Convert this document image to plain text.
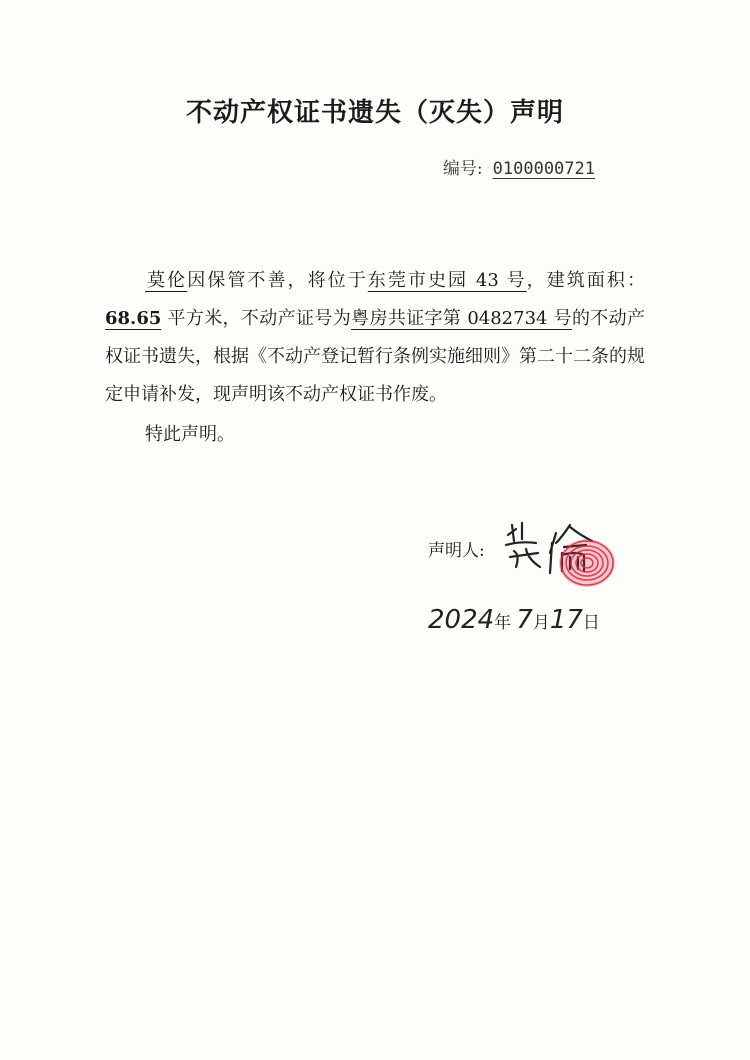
不动产权证书遗失（灭失）声明
编号: 0100000721
莫伦因保管不善，将位于东莞市史园 43 号，建筑面积：68.65 平方米，不动产证号为粤房共证字第 0482734 号的不动产权证书遗失，根据《不动产登记暂行条例实施细则》第二十二条的规定申请补发，现声明该不动产权证书作废。
特此声明。
声明人:
2024年 7月17日
